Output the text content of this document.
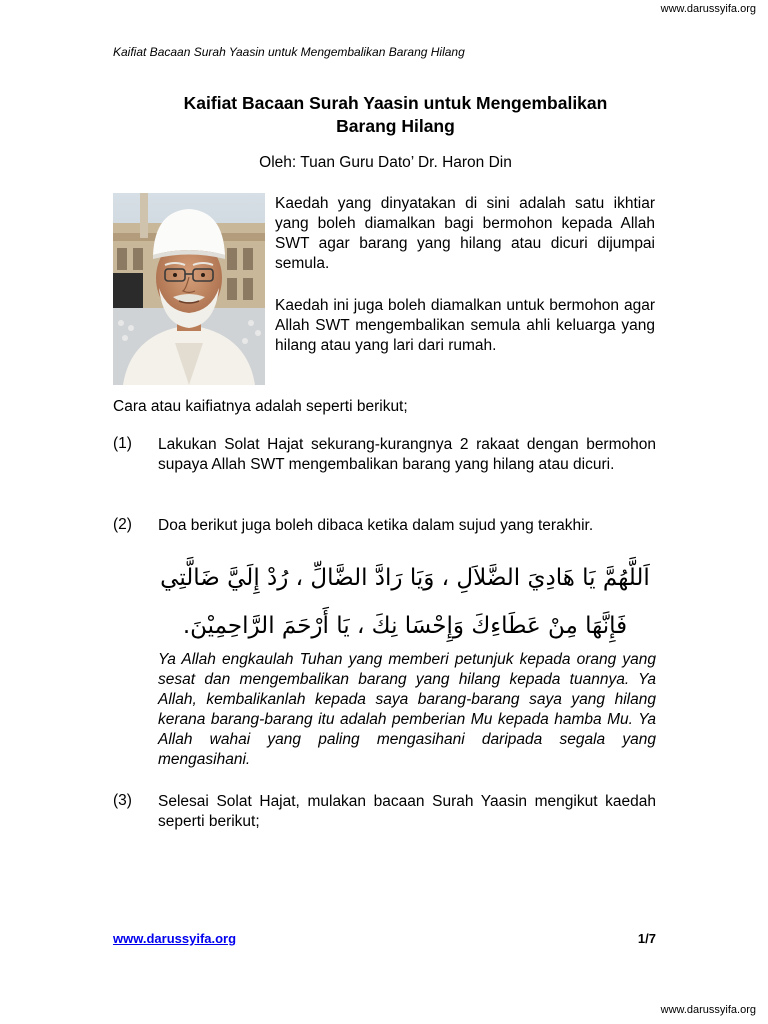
www.darussyifa.org
Kaifiat Bacaan Surah Yaasin untuk Mengembalikan Barang Hilang
Kaifiat Bacaan Surah Yaasin untuk Mengembalikan
Barang Hilang
Oleh: Tuan Guru Dato’ Dr. Haron Din
Kaedah yang dinyatakan di sini adalah satu ikhtiar yang boleh diamalkan bagi bermohon kepada Allah SWT agar barang yang hilang atau dicuri dijumpai semula.
Kaedah ini juga boleh diamalkan untuk bermohon agar Allah SWT mengembalikan semula ahli keluarga yang hilang atau yang lari dari rumah.
Cara atau kaifiatnya adalah seperti berikut;
(1) Lakukan Solat Hajat sekurang-kurangnya 2 rakaat dengan bermohon supaya Allah SWT mengembalikan barang yang hilang atau dicuri.
(2) Doa berikut juga boleh dibaca ketika dalam sujud yang terakhir.
اَللَّهُمَّ يَا هَادِيَ الضَّلاَلِ ، وَيَا رَادَّ الضَّالِّ ، رُدْ إِلَيَّ ضَالَّتِي
فَإِنَّهَا مِنْ عَطَاءِكَ وَإِحْسَا نِكَ ، يَا أَرْحَمَ الرَّاحِمِيْنَ.
Ya Allah engkaulah Tuhan yang memberi petunjuk kepada orang yang sesat dan mengembalikan barang yang hilang kepada tuannya. Ya Allah, kembalikanlah kepada saya barang-barang saya yang hilang kerana barang-barang itu adalah pemberian Mu kepada hamba Mu. Ya Allah wahai yang paling mengasihani daripada segala yang mengasihani.
(3) Selesai Solat Hajat, mulakan bacaan Surah Yaasin mengikut kaedah seperti berikut;
www.darussyifa.org	1/7
www.darussyifa.org
